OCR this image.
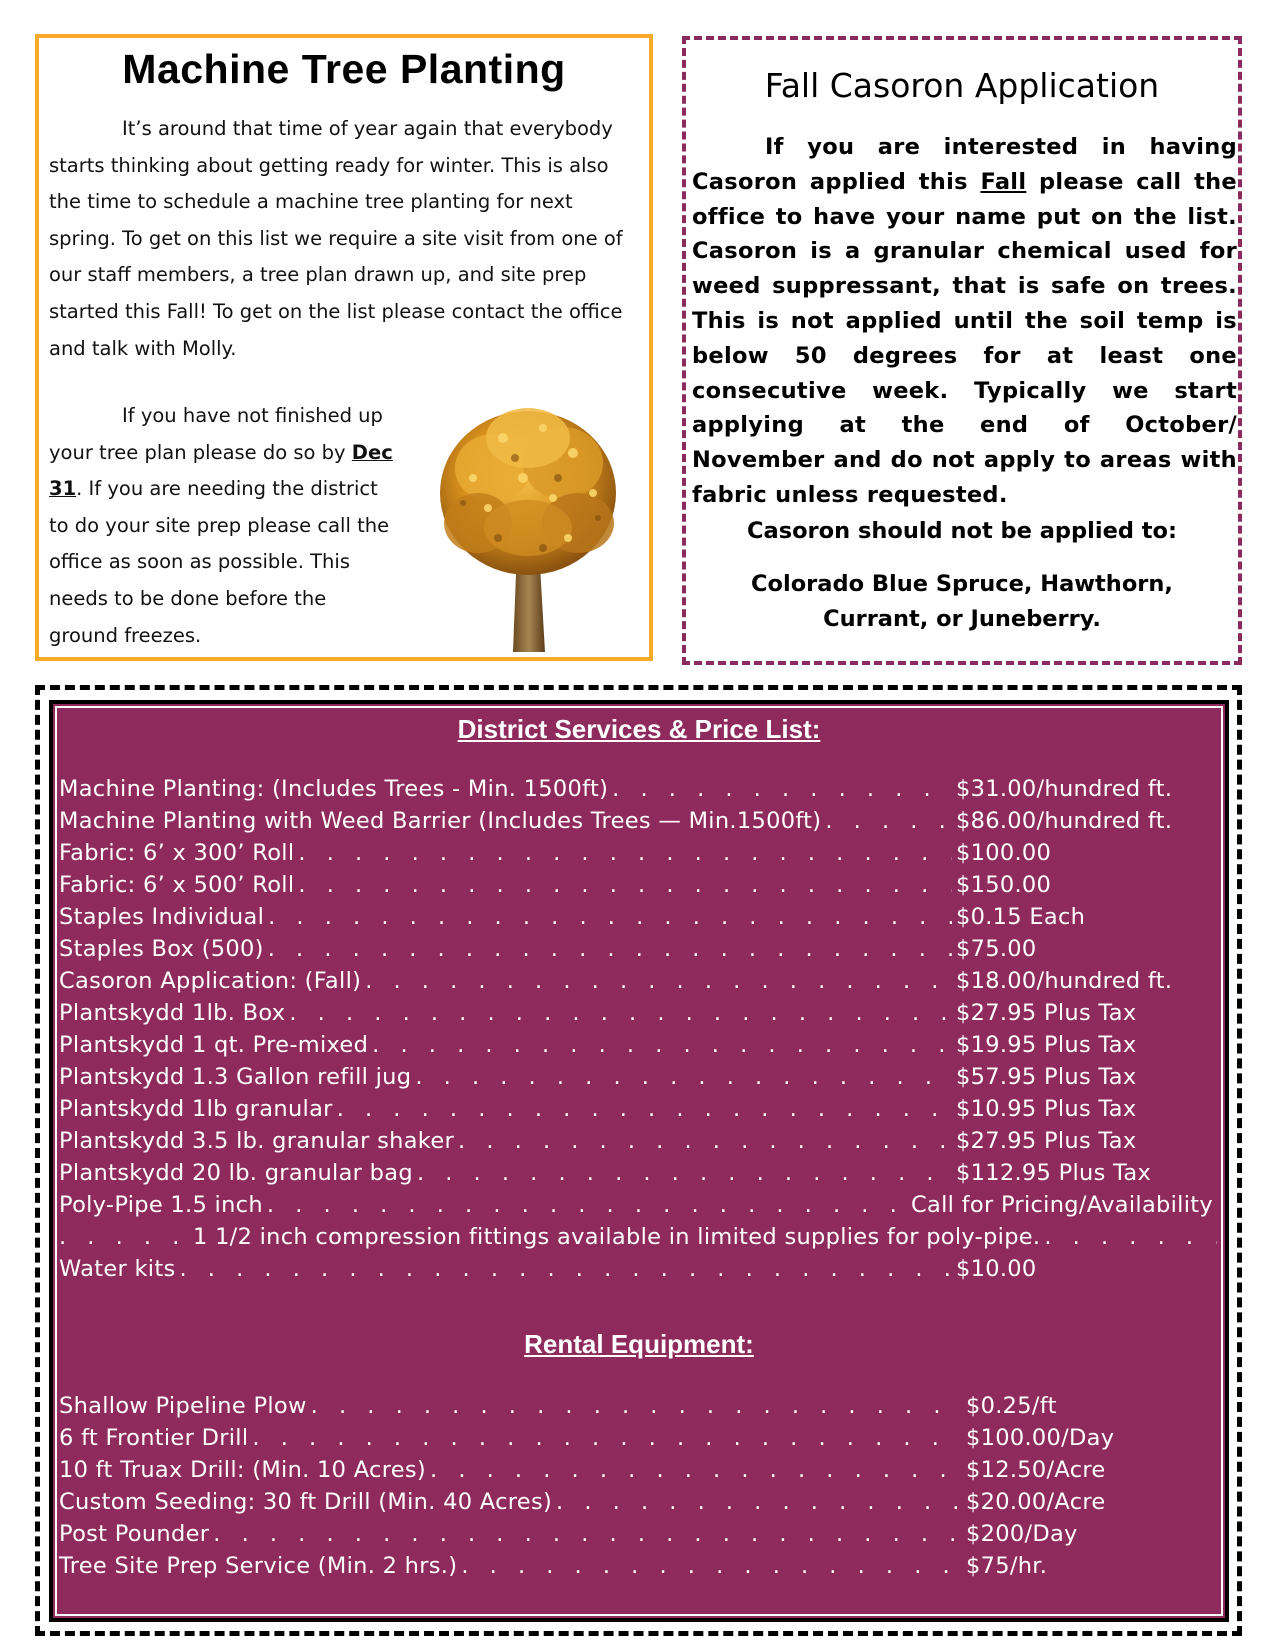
Machine Tree Planting

It’s around that time of year again that everybody starts thinking about getting ready for winter. This is also the time to schedule a machine tree planting for next spring. To get on this list we require a site visit from one of our staff members, a tree plan drawn up, and site prep started this Fall! To get on the list please contact the office and talk with Molly.

If you have not finished up your tree plan please do so by Dec 31. If you are needing the district to do your site prep please call the office as soon as possible. This needs to be done before the ground freezes.

Fall Casoron Application

If you are interested in having Casoron applied this Fall please call the office to have your name put on the list. Casoron is a granular chemical used for weed suppressant, that is safe on trees. This is not applied until the soil temp is below 50 degrees for at least one consecutive week. Typically we start applying at the end of October/ November and do not apply to areas with fabric unless requested.

Casoron should not be applied to:

Colorado Blue Spruce, Hawthorn,
Currant, or Juneberry.

District Services & Price List:
Machine Planting: (Includes Trees - Min. 1500ft) . . .	$31.00/hundred ft.
Machine Planting with Weed Barrier (Includes Trees — Min.1500ft) . . .	$86.00/hundred ft.
Fabric: 6’ x 300’ Roll . . .	$100.00
Fabric: 6’ x 500’ Roll . . .	$150.00
Staples Individual . . .	$0.15 Each
Staples Box (500) . . .	$75.00
Casoron Application: (Fall) . . .	$18.00/hundred ft.
Plantskydd 1lb. Box . . .	$27.95 Plus Tax
Plantskydd 1 qt. Pre-mixed . . .	$19.95 Plus Tax
Plantskydd 1.3 Gallon refill jug . . .	$57.95 Plus Tax
Plantskydd 1lb granular . . .	$10.95 Plus Tax
Plantskydd 3.5 lb. granular shaker . . .	$27.95 Plus Tax
Plantskydd 20 lb. granular bag . . .	$112.95 Plus Tax
Poly-Pipe 1.5 inch . . .	Call for Pricing/Availability
. . .
1 1/2 inch compression fittings available in limited supplies for poly-pipe.
. . .
Water kits . . .	$10.00
Rental Equipment:
Shallow Pipeline Plow . . .	$0.25/ft
6 ft Frontier Drill . . .	$100.00/Day
10 ft Truax Drill: (Min. 10 Acres) . . .	$12.50/Acre
Custom Seeding: 30 ft Drill (Min. 40 Acres) . . .	$20.00/Acre
Post Pounder . . .	$200/Day
Tree Site Prep Service (Min. 2 hrs.) . . .	$75/hr.
